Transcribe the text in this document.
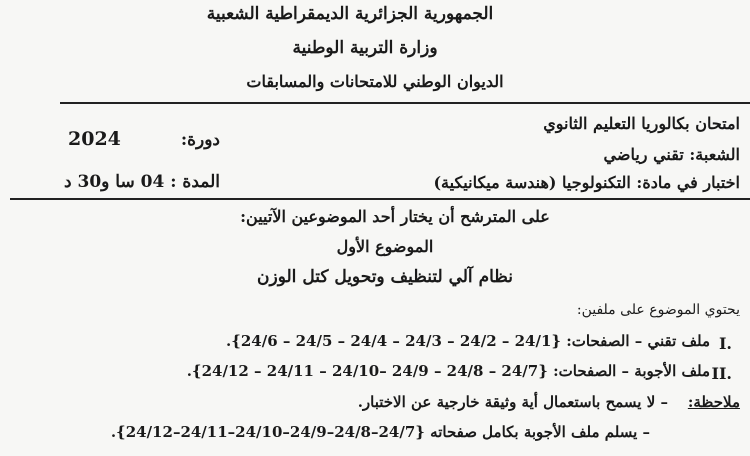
الجمهورية الجزائرية الديمقراطية الشعبية
وزارة التربية الوطنية
الديوان الوطني للامتحانات والمسابقات
امتحان بكالوريا التعليم الثانوي
دورة:
2024
الشعبة: تقني رياضي
اختبار في مادة: التكنولوجيا (هندسة ميكانيكية)
المدة : 04 سا و30 د
على المترشح أن يختار أحد الموضوعين الآتيين:
الموضوع الأول
نظام آلي لتنظيف وتحويل كتل الوزن
يحتوي الموضوع على ملفين:
I.
ملف تقني – الصفحات: {24/1 – 24/2 – 24/3 – 24/4 – 24/5 – 24/6}.
II.
ملف الأجوبة – الصفحات: {24/7 – 24/8 – 24/9 –24/10 – 24/11 – 24/12}.
ملاحظة:
– لا يسمح باستعمال أية وثيقة خارجية عن الاختبار.
– يسلم ملف الأجوبة بكامل صفحاته {24/7–24/8–24/9–24/10–24/11–24/12}.
